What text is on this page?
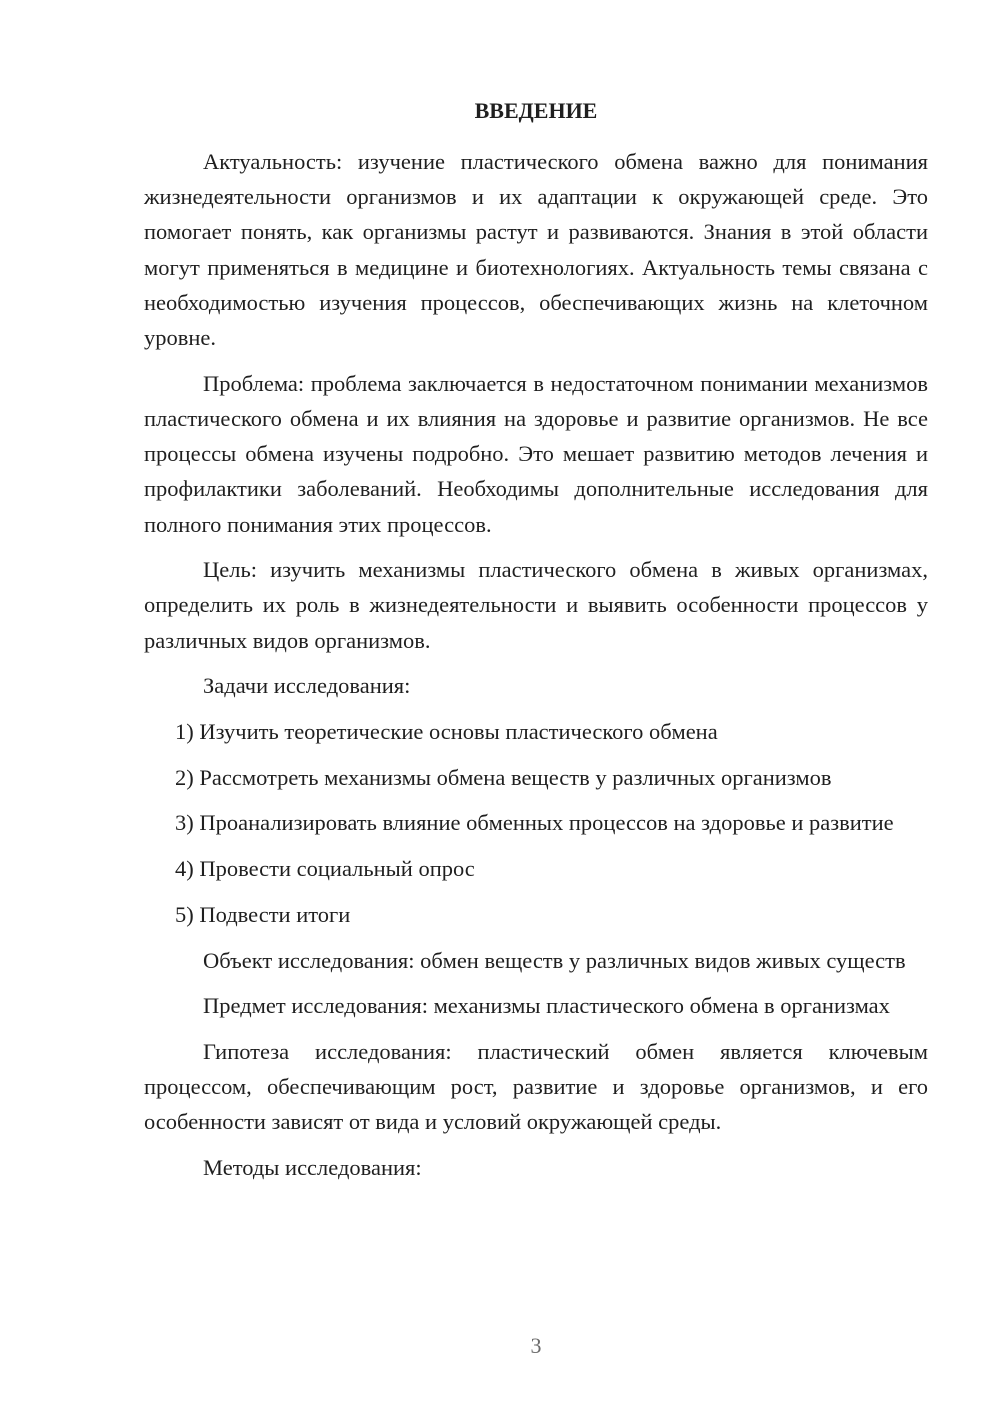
ВВЕДЕНИЕ

Актуальность: изучение пластического обмена важно для понимания жизнедеятельности организмов и их адаптации к окружающей среде. Это помогает понять, как организмы растут и развиваются. Знания в этой области могут применяться в медицине и биотехнологиях. Актуальность темы связана с необходимостью изучения процессов, обеспечивающих жизнь на клеточном уровне.

Проблема: проблема заключается в недостаточном понимании механизмов пластического обмена и их влияния на здоровье и развитие организмов. Не все процессы обмена изучены подробно. Это мешает развитию методов лечения и профилактики заболеваний. Необходимы дополнительные исследования для полного понимания этих процессов.

Цель: изучить механизмы пластического обмена в живых организмах, определить их роль в жизнедеятельности и выявить особенности процессов у различных видов организмов.

Задачи исследования:

1) Изучить теоретические основы пластического обмена

2) Рассмотреть механизмы обмена веществ у различных организмов

3) Проанализировать влияние обменных процессов на здоровье и развитие

4) Провести социальный опрос

5) Подвести итоги

Объект исследования: обмен веществ у различных видов живых существ

Предмет исследования: механизмы пластического обмена в организмах

Гипотеза исследования: пластический обмен является ключевым процессом, обеспечивающим рост, развитие и здоровье организмов, и его особенности зависят от вида и условий окружающей среды.

Методы исследования:

3
